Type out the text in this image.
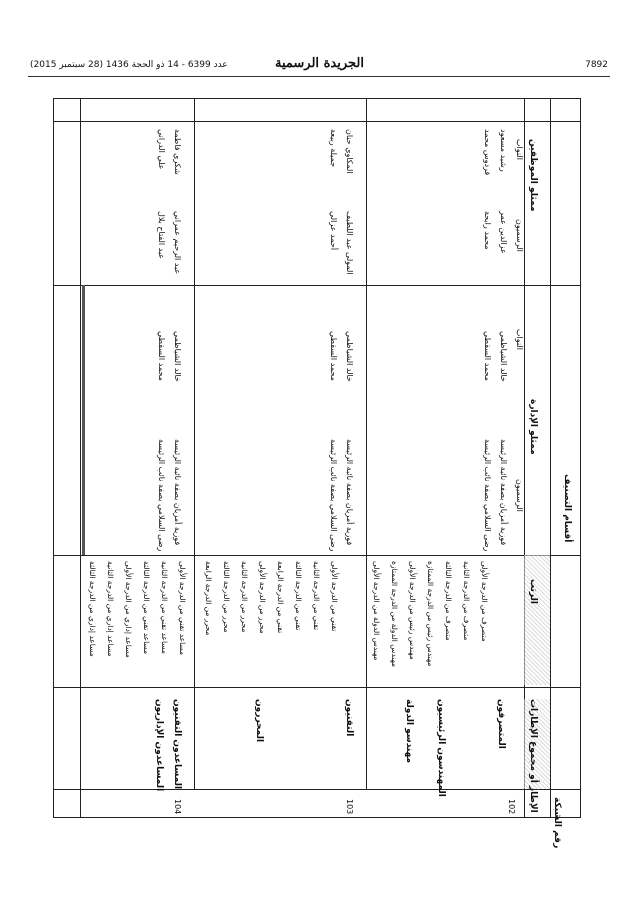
7892
الجريدة الرسمية
عدد 6399 - 14 ذو الحجة 1436 (28 سبتمبر 2015)
رقم الشبكة
الإطار أو مجموع الإطارات
الرتب
أقسام التصنيف
ممثلو الإدارة
الرسميون
النواب
ممثلو الموظفين
الرسميون
النواب
102
المتصرفون
المهندسون الرئيسيون
مهندسو الدولة
متصرف من الدرجة الأولى
متصرف من الدرجة الثانية
متصرف من الدرجة الثالثة
مهندس رئيس من الدرجة الممتازة
مهندس رئيس من الدرجة الأولى
مهندس الدولة من الدرجة الممتازة
مهندس الدولة من الدرجة الأولى
فوزية أمزيان بصفة نائبة الرئيسة
رضى السلامي بصفة نائب الرئيسة
خالد الشياظمي
محمد السقطي
عزالدين عمر
محمد رابحة
رشيد مسعود
فردوس محمد
103
التقنيون
المحررون
تقني من الدرجة الأولى
تقني من الدرجة الثانية
تقني من الدرجة الثالثة
تقني من الدرجة الرابعة
محرر من الدرجة الأولى
محرر من الدرجة الثانية
محرر من الدرجة الثالثة
محرر من الدرجة الرابعة
فوزية أمزيان بصفة نائبة الرئيسة
رضى السلامي بصفة نائب الرئيسة
خالد الشياظمي
محمد السقطي
المولى عبد اللطيف
أحمد عزالي
المكاوي حنان
جميلة ربيعة
104
المساعدون التقنيون
المساعدون الإداريون
مساعد تقني من الدرجة الأولى
مساعد تقني من الدرجة الثانية
مساعد تقني من الدرجة الثالثة
مساعد إداري من الدرجة الأولى
مساعد إداري من الدرجة الثانية
مساعد إداري من الدرجة الثالثة
فوزية أمزيان بصفة نائبة الرئيسة
رضى السلامي بصفة نائب الرئيسة
خالد الشياظمي
محمد السقطي
عبد الرحيم عمراني
عبد الفتاح بلال
شكري فاطمة
علي الدراني
